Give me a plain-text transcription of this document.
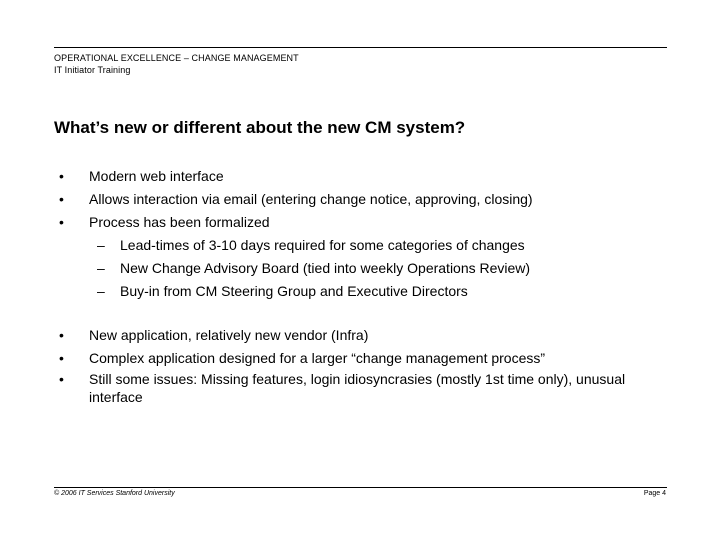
OPERATIONAL EXCELLENCE – CHANGE MANAGEMENT
IT Initiator Training
What’s new or different about the new CM system?
• Modern web interface
• Allows interaction via email (entering change notice, approving, closing)
• Process has been formalized
– Lead-times of 3-10 days required for some categories of changes
– New Change Advisory Board (tied into weekly Operations Review)
– Buy-in from CM Steering Group and Executive Directors
• New application, relatively new vendor (Infra)
• Complex application designed for a larger “change management process”
• Still some issues: Missing features, login idiosyncrasies (mostly 1st time only), unusual interface
© 2006 IT Services Stanford University	Page 4
